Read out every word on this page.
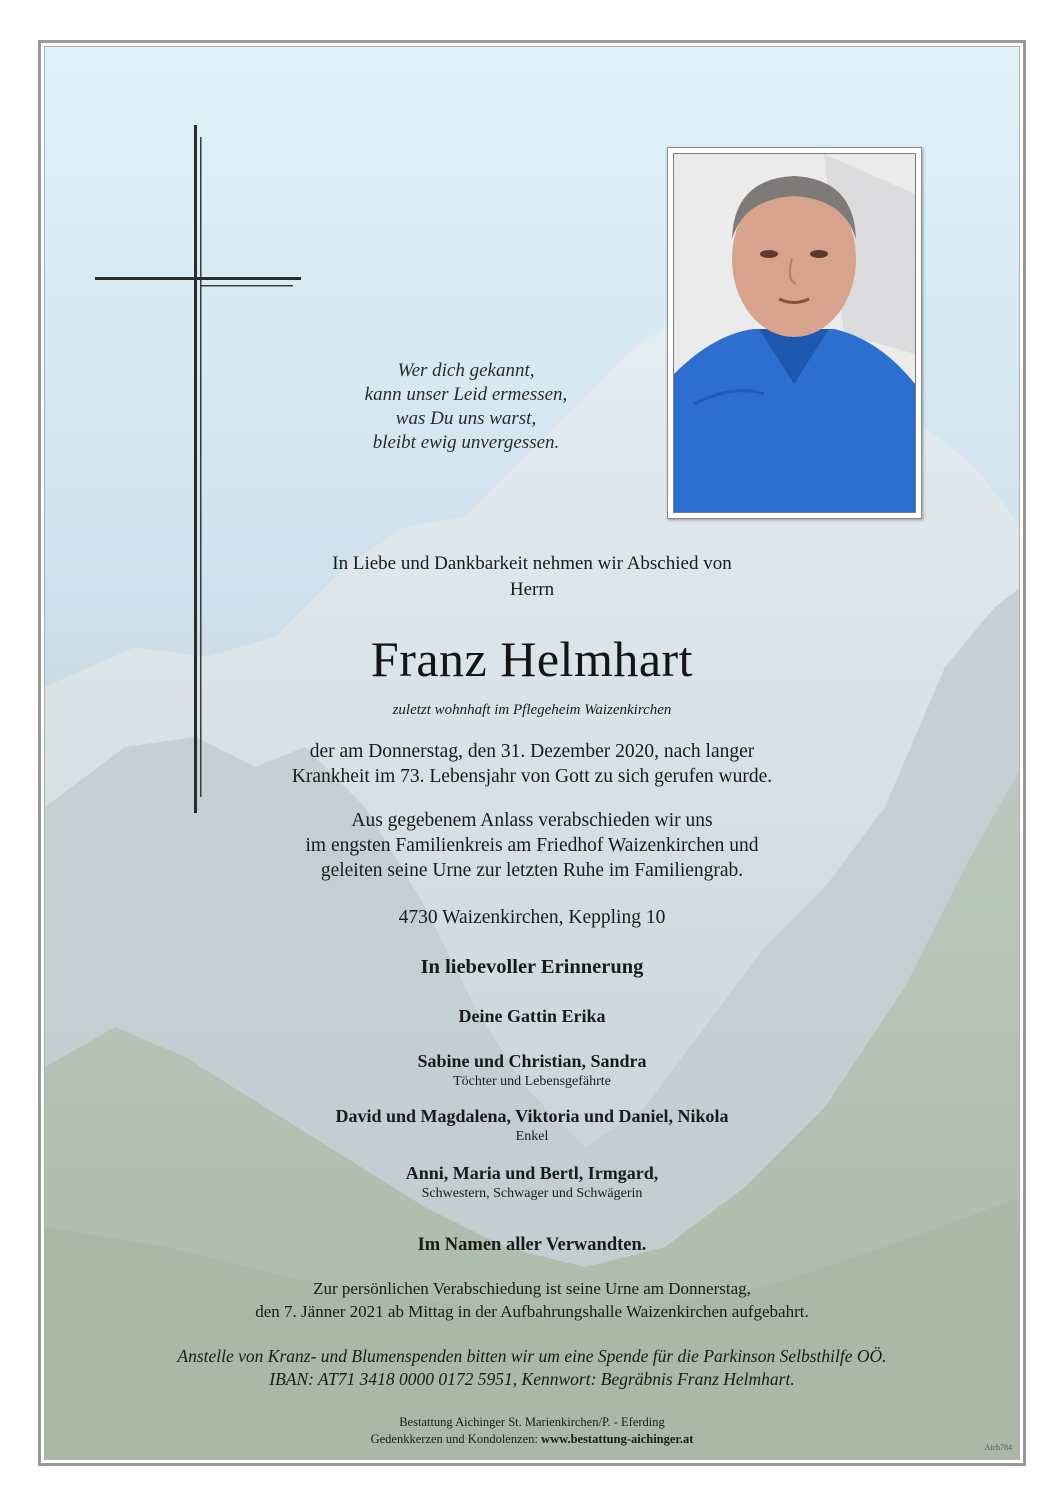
Wer dich gekannt,
kann unser Leid ermessen,
was Du uns warst,
bleibt ewig unvergessen.
In Liebe und Dankbarkeit nehmen wir Abschied von
Herrn
Franz Helmhart
zuletzt wohnhaft im Pflegeheim Waizenkirchen
der am Donnerstag, den 31. Dezember 2020, nach langer
Krankheit im 73. Lebensjahr von Gott zu sich gerufen wurde.
Aus gegebenem Anlass verabschieden wir uns
im engsten Familienkreis am Friedhof Waizenkirchen und
geleiten seine Urne zur letzten Ruhe im Familiengrab.
4730 Waizenkirchen, Keppling 10
In liebevoller Erinnerung
Deine Gattin Erika
Sabine und Christian, Sandra
Töchter und Lebensgefährte
David und Magdalena, Viktoria und Daniel, Nikola
Enkel
Anni, Maria und Bertl, Irmgard,
Schwestern, Schwager und Schwägerin
Im Namen aller Verwandten.
Zur persönlichen Verabschiedung ist seine Urne am Donnerstag,
den 7. Jänner 2021 ab Mittag in der Aufbahrungshalle Waizenkirchen aufgebahrt.
Anstelle von Kranz- und Blumenspenden bitten wir um eine Spende für die Parkinson Selbsthilfe OÖ.
IBAN: AT71 3418 0000 0172 5951, Kennwort: Begräbnis Franz Helmhart.
Bestattung Aichinger St. Marienkirchen/P. - Eferding
Gedenkkerzen und Kondolenzen: www.bestattung-aichinger.at
Aich784
